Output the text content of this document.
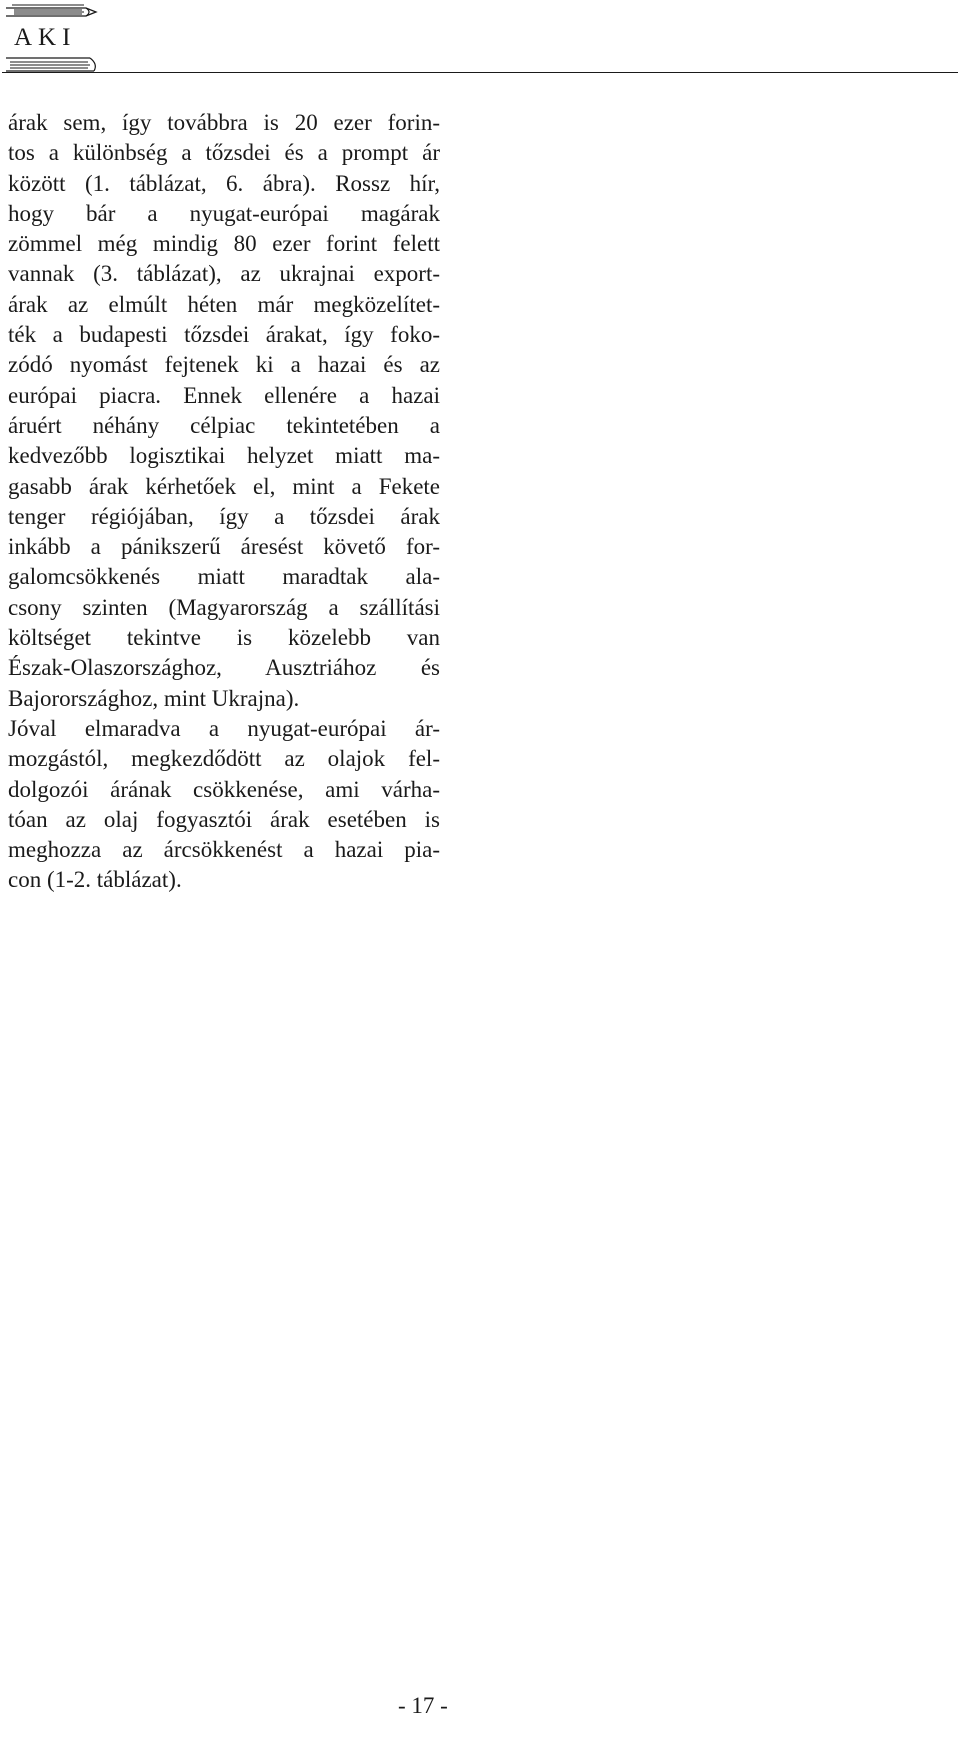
AKI
árak sem, így továbbra is 20 ezer forin-
tos a különbség a tőzsdei és a prompt ár
között (1. táblázat, 6. ábra). Rossz hír,
hogy bár a nyugat-európai magárak
zömmel még mindig 80 ezer forint felett
vannak (3. táblázat), az ukrajnai export-
árak az elmúlt héten már megközelítet-
ték a budapesti tőzsdei árakat, így foko-
zódó nyomást fejtenek ki a hazai és az
európai piacra. Ennek ellenére a hazai
áruért néhány célpiac tekintetében a
kedvezőbb logisztikai helyzet miatt ma-
gasabb árak kérhetőek el, mint a Fekete
tenger régiójában, így a tőzsdei árak
inkább a pánikszerű áresést követő for-
galomcsökkenés miatt maradtak ala-
csony szinten (Magyarország a szállítási
költséget tekintve is közelebb van
Észak-Olaszországhoz, Ausztriához és
Bajorországhoz, mint Ukrajna).
Jóval elmaradva a nyugat-európai ár-
mozgástól, megkezdődött az olajok fel-
dolgozói árának csökkenése, ami várha-
tóan az olaj fogyasztói árak esetében is
meghozza az árcsökkenést a hazai pia-
con (1-2. táblázat).
- 17 -
